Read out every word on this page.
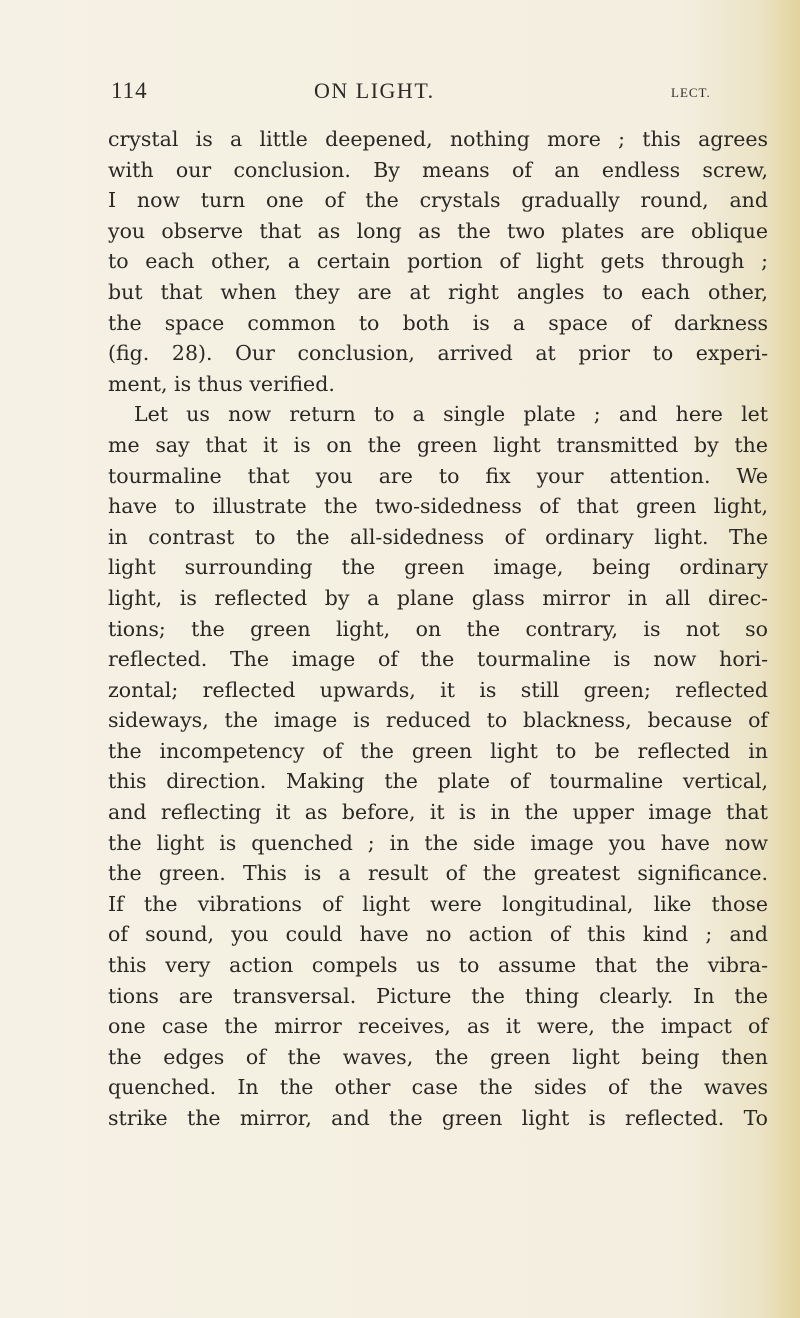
114	ON LIGHT.	LECT.
crystal is a little deepened, nothing more ; this agrees
with our conclusion. By means of an endless screw,
I now turn one of the crystals gradually round, and
you observe that as long as the two plates are oblique
to each other, a certain portion of light gets through ;
but that when they are at right angles to each other,
the space common to both is a space of darkness
(fig. 28). Our conclusion, arrived at prior to experi-
ment, is thus verified.
Let us now return to a single plate ; and here let
me say that it is on the green light transmitted by the
tourmaline that you are to fix your attention. We
have to illustrate the two-sidedness of that green light,
in contrast to the all-sidedness of ordinary light. The
light surrounding the green image, being ordinary
light, is reflected by a plane glass mirror in all direc-
tions; the green light, on the contrary, is not so
reflected. The image of the tourmaline is now hori-
zontal; reflected upwards, it is still green; reflected
sideways, the image is reduced to blackness, because of
the incompetency of the green light to be reflected in
this direction. Making the plate of tourmaline vertical,
and reflecting it as before, it is in the upper image that
the light is quenched ; in the side image you have now
the green. This is a result of the greatest significance.
If the vibrations of light were longitudinal, like those
of sound, you could have no action of this kind ; and
this very action compels us to assume that the vibra-
tions are transversal. Picture the thing clearly. In the
one case the mirror receives, as it were, the impact of
the edges of the waves, the green light being then
quenched. In the other case the sides of the waves
strike the mirror, and the green light is reflected. To
